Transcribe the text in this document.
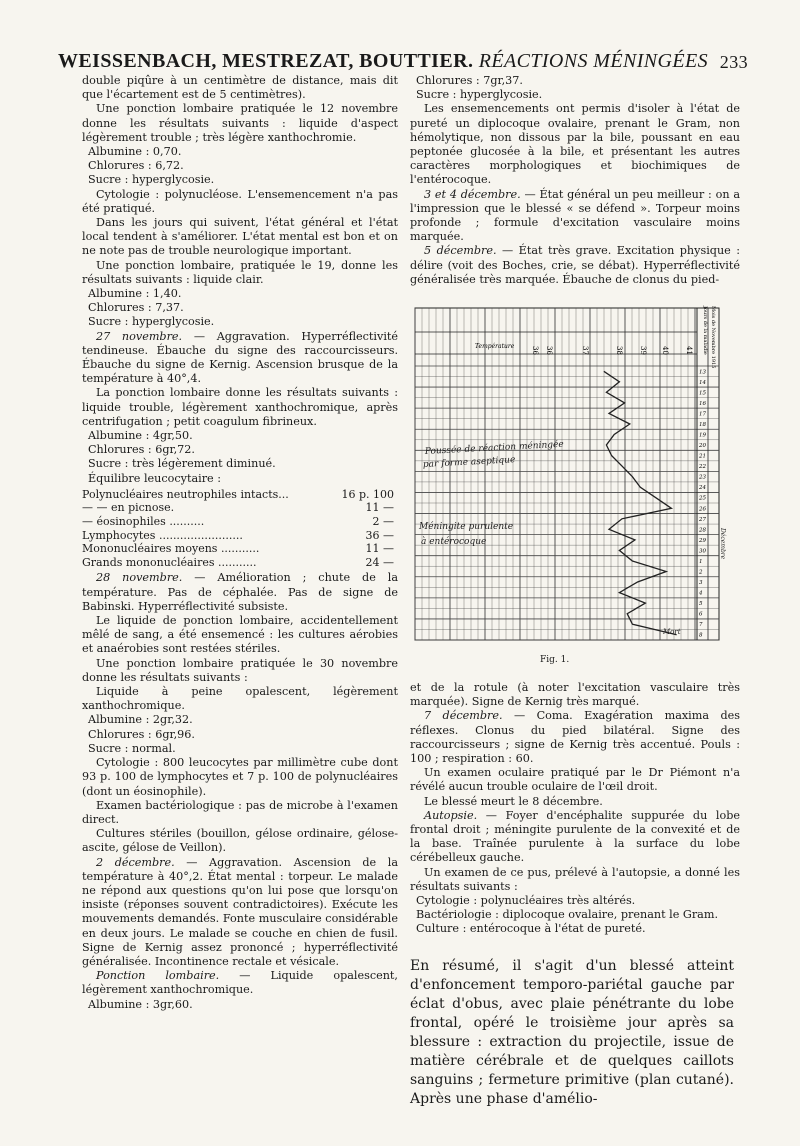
WEISSENBACH, MESTREZAT, BOUTTIER. RÉACTIONS MÉNINGÉES 233

double piqûre à un centimètre de distance, mais dit que l'écartement est de 5 centimètres).

Une ponction lombaire pratiquée le 12 novembre donne les résultats suivants : liquide d'aspect légèrement trouble ; très légère xanthochromie.

Albumine : 0,70.

Chlorures : 6,72.

Sucre : hyperglycosie.

Cytologie : polynucléose. L'ensemencement n'a pas été pratiqué.

Dans les jours qui suivent, l'état général et l'état local tendent à s'améliorer. L'état mental est bon et on ne note pas de trouble neurologique important.

Une ponction lombaire, pratiquée le 19, donne les résultats suivants : liquide clair.

Albumine : 1,40.

Chlorures : 7,37.

Sucre : hyperglycosie.

27 novembre. — Aggravation. Hyperréflectivité tendineuse. Ébauche du signe des raccourcisseurs. Ébauche du signe de Kernig. Ascension brusque de la température à 40°,4.

La ponction lombaire donne les résultats suivants : liquide trouble, légèrement xanthochromique, après centrifugation ; petit coagulum fibrineux.

Albumine : 4gr,50.

Chlorures : 6gr,72.

Sucre : très légèrement diminué.

Équilibre leucocytaire :

Polynucléaires neutrophiles intacts...	16 p. 100
— — en picnose.	11 —
— éosinophiles ..........	2 —
Lymphocytes ........................	36 —
Mononucléaires moyens ...........	11 —
Grands mononucléaires ...........	24 —

28 novembre. — Amélioration ; chute de la température. Pas de céphalée. Pas de signe de Babinski. Hyperréflectivité subsiste.

Le liquide de ponction lombaire, accidentellement mêlé de sang, a été ensemencé : les cultures aérobies et anaérobies sont restées stériles.

Une ponction lombaire pratiquée le 30 novembre donne les résultats suivants :

Liquide à peine opalescent, légèrement xanthochromique.

Albumine : 2gr,32.

Chlorures : 6gr,96.

Sucre : normal.

Cytologie : 800 leucocytes par millimètre cube dont 93 p. 100 de lymphocytes et 7 p. 100 de polynucléaires (dont un éosinophile).

Examen bactériologique : pas de microbe à l'examen direct.

Cultures stériles (bouillon, gélose ordinaire, gélose-ascite, gélose de Veillon).

2 décembre. — Aggravation. Ascension de la température à 40°,2. État mental : torpeur. Le malade ne répond aux questions qu'on lui pose que lorsqu'on insiste (réponses souvent contradictoires). Exécute les mouvements demandés. Fonte musculaire considérable en deux jours. Le malade se couche en chien de fusil. Signe de Kernig assez prononcé ; hyperréflectivité généralisée. Incontinence rectale et vésicale.

Ponction lombaire. — Liquide opalescent, légèrement xanthochromique.

Albumine : 3gr,60.

Chlorures : 7gr,37.

Sucre : hyperglycosie.

Les ensemencements ont permis d'isoler à l'état de pureté un diplocoque ovalaire, prenant le Gram, non hémolytique, non dissous par la bile, poussant en eau peptonée glucosée à la bile, et présentant les autres caractères morphologiques et biochimiques de l'entérocoque.

3 et 4 décembre. — État général un peu meilleur : on a l'impression que le blessé « se défend ». Torpeur moins profonde ; formule d'excitation vasculaire moins marquée.

5 décembre. — État très grave. Excitation physique : délire (voit des Boches, crie, se débat). Hyperréflectivité généralisée très marquée. Ébauche de clonus du pied-

36 36	37	38 39 40 41
Température
13
14
15
16
17
18
19
20
21
22
23
24
25
26
27
28
29
30
1
2
3
4
5
6
7
8
Mois de Novembre 1915
Jours de la maladie
Poussée de réaction méningée
par forme aseptique
Méningite purulente
à entérocoque
Mort
Décembre
Fig. 1.

et de la rotule (à noter l'excitation vasculaire très marquée). Signe de Kernig très marqué.

7 décembre. — Coma. Exagération maxima des réflexes. Clonus du pied bilatéral. Signe des raccourcisseurs ; signe de Kernig très accentué. Pouls : 100 ; respiration : 60.

Un examen oculaire pratiqué par le Dr Piémont n'a révélé aucun trouble oculaire de l'œil droit.

Le blessé meurt le 8 décembre.

Autopsie. — Foyer d'encéphalite suppurée du lobe frontal droit ; méningite purulente de la convexité et de la base. Traînée purulente à la surface du lobe cérébelleux gauche.

Un examen de ce pus, prélevé à l'autopsie, a donné les résultats suivants :

Cytologie : polynucléaires très altérés.

Bactériologie : diplocoque ovalaire, prenant le Gram.

Culture : entérocoque à l'état de pureté.

En résumé, il s'agit d'un blessé atteint d'enfoncement temporo-pariétal gauche par éclat d'obus, avec plaie pénétrante du lobe frontal, opéré le troisième jour après sa blessure : extraction du projectile, issue de matière cérébrale et de quelques caillots sanguins ; fermeture primitive (plan cutané). Après une phase d'amélio-
